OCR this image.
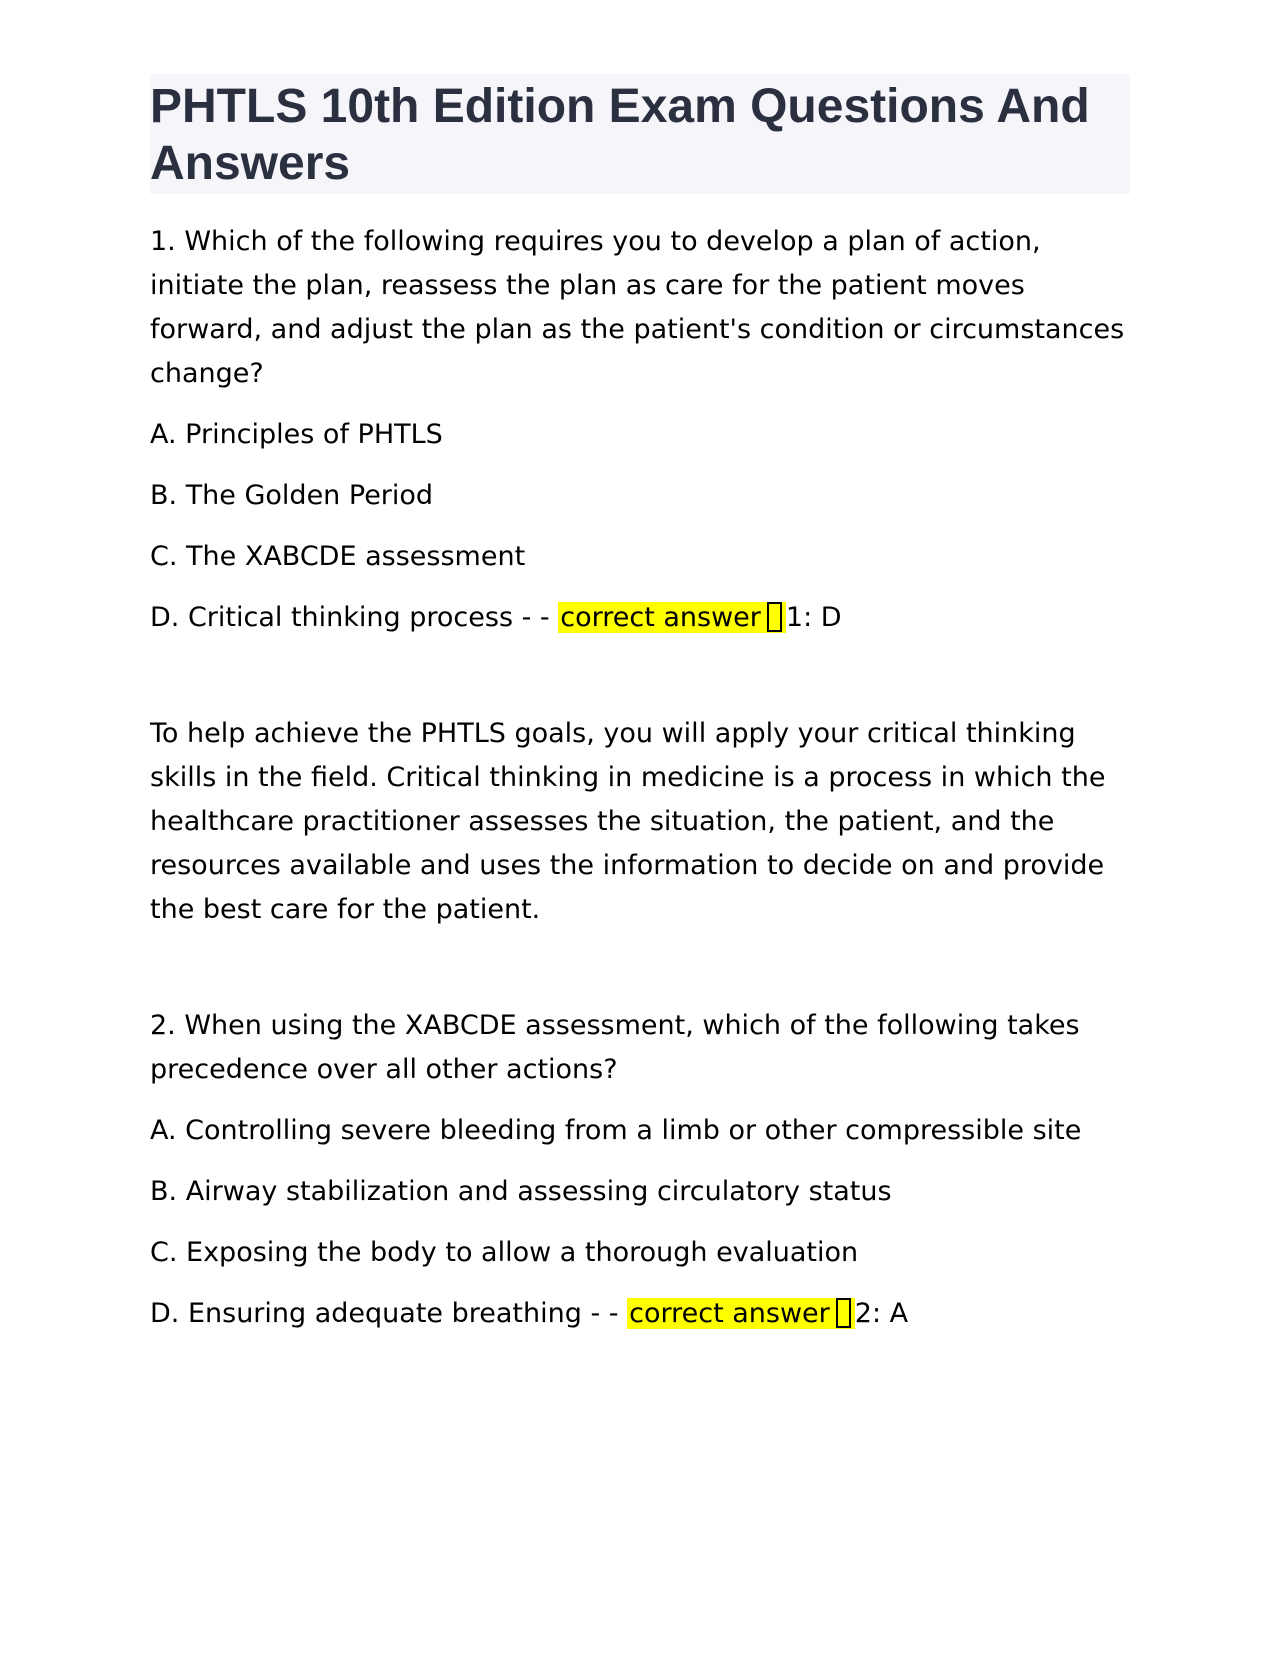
PHTLS 10th Edition Exam Questions And Answers

1. Which of the following requires you to develop a plan of action, initiate the plan, reassess the plan as care for the patient moves forward, and adjust the plan as the patient's condition or circumstances change?

A. Principles of PHTLS

B. The Golden Period

C. The XABCDE assessment

D. Critical thinking process - - correct answer 1: D

To help achieve the PHTLS goals, you will apply your critical thinking skills in the field. Critical thinking in medicine is a process in which the healthcare practitioner assesses the situation, the patient, and the resources available and uses the information to decide on and provide the best care for the patient.

2. When using the XABCDE assessment, which of the following takes precedence over all other actions?

A. Controlling severe bleeding from a limb or other compressible site

B. Airway stabilization and assessing circulatory status

C. Exposing the body to allow a thorough evaluation

D. Ensuring adequate breathing - - correct answer 2: A
